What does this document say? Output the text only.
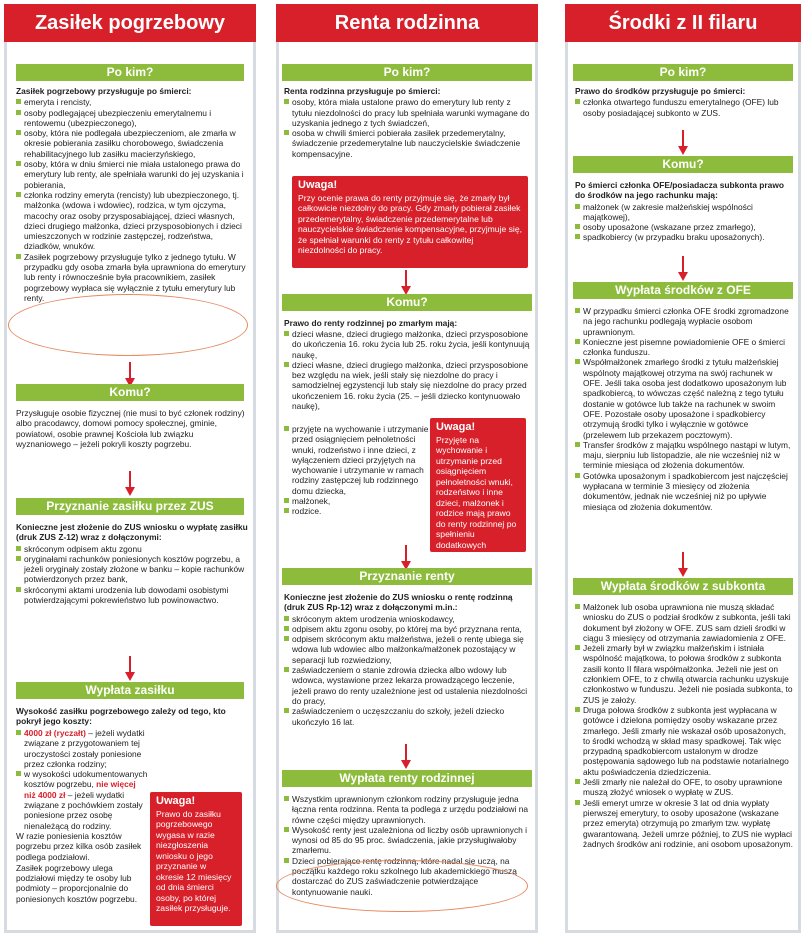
Zasiłek pogrzebowy
Po kim?
Zasiłek pogrzebowy przysługuje po śmierci:
emeryta i rencisty,
osoby podlegającej ubezpieczeniu emerytalnemu i rentowemu (ubezpieczonego),
osoby, która nie podlegała ubezpieczeniom, ale zmarła w okresie pobierania zasiłku chorobowego, świadczenia rehabilitacyjnego lub zasiłku macierzyńskiego,
osoby, która w dniu śmierci nie miała ustalonego prawa do emerytury lub renty, ale spełniała warunki do jej uzyskania i pobierania,
członka rodziny emeryta (rencisty) lub ubezpieczonego, tj. małżonka (wdowa i wdowiec), rodzica, w tym ojczyma, macochy oraz osoby przysposabiającej, dzieci własnych, dzieci drugiego małżonka, dzieci przysposobionych i dzieci umieszczonych w rodzinie zastępczej, rodzeństwa, dziadków, wnuków.
Zasiłek pogrzebowy przysługuje tylko z jednego tytułu. W przypadku gdy osoba zmarła była uprawniona do emerytury lub renty i równocześnie była pracownikiem, zasiłek pogrzebowy wypłaca się wyłącznie z tytułu emerytury lub renty.
Komu?

Przysługuje osobie fizycznej (nie musi to być członek rodziny) albo pracodawcy, domowi pomocy społecznej, gminie, powiatowi, osobie prawnej Kościoła lub związku wyznaniowego – jeżeli pokryli koszty pogrzebu.

Przyznanie zasiłku przez ZUS
Konieczne jest złożenie do ZUS wniosku o wypłatę zasiłku (druk ZUS Z-12) wraz z dołączonymi:
skróconym odpisem aktu zgonu
oryginałami rachunków poniesionych kosztów pogrzebu, a jeżeli oryginały zostały złożone w banku – kopie rachunków potwierdzonych przez bank,
skróconymi aktami urodzenia lub dowodami osobistymi potwierdzającymi pokrewieństwo lub powinowactwo.
Wypłata zasiłku
Wysokość zasiłku pogrzebowego zależy od tego, kto pokrył jego koszty:
4000 zł (ryczałt) – jeżeli wydatki związane z przygotowaniem tej uroczystości zostały poniesione przez członka rodziny;
w wysokości udokumentowanych kosztów pogrzebu, nie więcej niż 4000 zł – jeżeli wydatki związane z pochówkiem zostały poniesione przez osobę nienależącą do rodziny.

W razie poniesienia kosztów pogrzebu przez kilka osób zasiłek podlega podziałowi.

Zasiłek pogrzebowy ulega podziałowi między te osoby lub podmioty – proporcjonalnie do poniesionych kosztów pogrzebu.

Uwaga!
Prawo do zasiłku pogrzebowego wygasa w razie niezgłoszenia wniosku o jego przyznanie w okresie 12 miesięcy od dnia śmierci osoby, po której zasiłek przysługuje.
Renta rodzinna
Po kim?
Renta rodzinna przysługuje po śmierci:
osoby, która miała ustalone prawo do emerytury lub renty z tytułu niezdolności do pracy lub spełniała warunki wymagane do uzyskania jednego z tych świadczeń,
osoba w chwili śmierci pobierała zasiłek przedemerytalny, świadczenie przedemerytalne lub nauczycielskie świadczenie kompensacyjne.
Uwaga!
Przy ocenie prawa do renty przyjmuje się, że zmarły był całkowicie niezdolny do pracy. Gdy zmarły pobierał zasiłek przedemerytalny, świadczenie przedemerytalne lub nauczycielskie świadczenie kompensacyjne, przyjmuje się, że spełniał warunki do renty z tytułu całkowitej niezdolności do pracy.
Komu?
Prawo do renty rodzinnej po zmarłym mają:
dzieci własne, dzieci drugiego małżonka, dzieci przysposobione do ukończenia 16. roku życia lub 25. roku życia, jeśli kontynuują naukę,
dzieci własne, dzieci drugiego małżonka, dzieci przysposobione bez względu na wiek, jeśli stały się niezdolne do pracy i samodzielnej egzystencji lub stały się niezdolne do pracy przed ukończeniem 16. roku życia (25. – jeśli dziecko kontynuowało naukę),
przyjęte na wychowanie i utrzymanie przed osiągnięciem pełnoletności wnuki, rodzeństwo i inne dzieci, z wyłączeniem dzieci przyjętych na wychowanie i utrzymanie w ramach rodziny zastępczej lub rodzinnego domu dziecka,
małżonek,
rodzice.
Uwaga!
Przyjęte na wychowanie i utrzymanie przed osiągnięciem pełnoletności wnuki, rodzeństwo i inne dzieci, małżonek i rodzice mają prawo do renty rodzinnej po spełnieniu dodatkowych warunków.
Przyznanie renty
Konieczne jest złożenie do ZUS wniosku o rentę rodzinną (druk ZUS Rp-12) wraz z dołączonymi m.in.:
skróconym aktem urodzenia wnioskodawcy,
odpisem aktu zgonu osoby, po której ma być przyznana renta,
odpisem skróconym aktu małżeństwa, jeżeli o rentę ubiega się wdowa lub wdowiec albo małżonka/małżonek pozostający w separacji lub rozwiedziony,
zaświadczeniem o stanie zdrowia dziecka albo wdowy lub wdowca, wystawione przez lekarza prowadzącego leczenie, jeżeli prawo do renty uzależnione jest od ustalenia niezdolności do pracy,
zaświadczeniem o uczęszczaniu do szkoły, jeżeli dziecko ukończyło 16 lat.
Wypłata renty rodzinnej
Wszystkim uprawnionym członkom rodziny przysługuje jedna łączna renta rodzinna. Renta ta podlega z urzędu podziałowi na równe części między uprawnionych.
Wysokość renty jest uzależniona od liczby osób uprawnionych i wynosi od 85 do 95 proc. świadczenia, jakie przysługiwałoby zmarłemu.
Dzieci pobierające rentę rodzinną, które nadal się uczą, na początku każdego roku szkolnego lub akademickiego muszą dostarczać do ZUS zaświadczenie potwierdzające kontynuowanie nauki.
Środki z II filaru
Po kim?
Prawo do środków przysługuje po śmierci:
członka otwartego funduszu emerytalnego (OFE) lub osoby posiadającej subkonto w ZUS.
Komu?
Po śmierci członka OFE/posiadacza subkonta prawo do środków na jego rachunku mają:
małżonek (w zakresie małżeńskiej wspólności majątkowej),
osoby uposażone (wskazane przez zmarłego),
spadkobiercy (w przypadku braku uposażonych).
Wypłata środków z OFE
W przypadku śmierci członka OFE środki zgromadzone na jego rachunku podlegają wypłacie osobom uprawnionym.
Konieczne jest pisemne powiadomienie OFE o śmierci członka funduszu.
Współmałżonek zmarłego środki z tytułu małżeńskiej wspólnoty majątkowej otrzyma na swój rachunek w OFE. Jeśli taka osoba jest dodatkowo uposażonym lub spadkobiercą, to wówczas część należną z tego tytułu dostanie w gotówce lub także na rachunek w swoim OFE. Pozostałe osoby uposażone i spadkobiercy otrzymują środki tylko i wyłącznie w gotówce (przelewem lub przekazem pocztowym).
Transfer środków z majątku wspólnego nastąpi w lutym, maju, sierpniu lub listopadzie, ale nie wcześniej niż w terminie miesiąca od złożenia dokumentów.
Gotówka uposażonym i spadkobiercom jest najczęściej wypłacana w terminie 3 miesięcy od złożenia dokumentów, jednak nie wcześniej niż po upływie miesiąca od złożenia dokumentów.
Wypłata środków z subkonta
Małżonek lub osoba uprawniona nie muszą składać wniosku do ZUS o podział środków z subkonta, jeśli taki dokument był złożony w OFE. ZUS sam dzieli środki w ciągu 3 miesięcy od otrzymania zawiadomienia z OFE.
Jeżeli zmarły był w związku małżeńskim i istniała wspólność majątkowa, to połowa środków z subkonta zasili konto II filara współmałżonka. Jeżeli nie jest on członkiem OFE, to z chwilą otwarcia rachunku uzyskuje członkostwo w funduszu. Jeżeli nie posiada subkonta, to ZUS je założy.
Druga połowa środków z subkonta jest wypłacana w gotówce i dzielona pomiędzy osoby wskazane przez zmarłego. Jeśli zmarły nie wskazał osób uposażonych, to środki wchodzą w skład masy spadkowej. Tak więc przypadną spadkobiercom ustalonym w drodze postępowania sądowego lub na podstawie notarialnego aktu poświadczenia dziedziczenia.
Jeśli zmarły nie należał do OFE, to osoby uprawnione muszą złożyć wniosek o wypłatę w ZUS.
Jeśli emeryt umrze w okresie 3 lat od dnia wypłaty pierwszej emerytury, to osoby uposażone (wskazane przez emeryta) otrzymują po zmarłym tzw. wypłatę gwarantowaną. Jeżeli umrze później, to ZUS nie wypłaci żadnych środków ani rodzinie, ani osobom uposażonym.
